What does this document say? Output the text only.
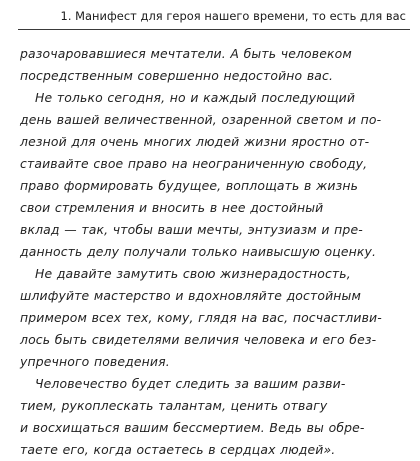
1. Манифест для героя нашего времени, то есть для вас
разочаровавшиеся мечтатели. А быть человеком
посредственным совершенно недостойно вас.
Не только сегодня, но и каждый последующий
день вашей величественной, озаренной светом и по-
лезной для очень многих людей жизни яростно от-
стаивайте свое право на неограниченную свободу,
право формировать будущее, воплощать в жизнь
свои стремления и вносить в нее достойный
вклад — так, чтобы ваши мечты, энтузиазм и пре-
данность делу получали только наивысшую оценку.
Не давайте замутить свою жизнерадостность,
шлифуйте мастерство и вдохновляйте достойным
примером всех тех, кому, глядя на вас, посчастливи-
лось быть свидетелями величия человека и его без-
упречного поведения.
Человечество будет следить за вашим разви-
тием, рукоплескать талантам, ценить отвагу
и восхищаться вашим бессмертием. Ведь вы обре-
таете его, когда остаетесь в сердцах людей».
